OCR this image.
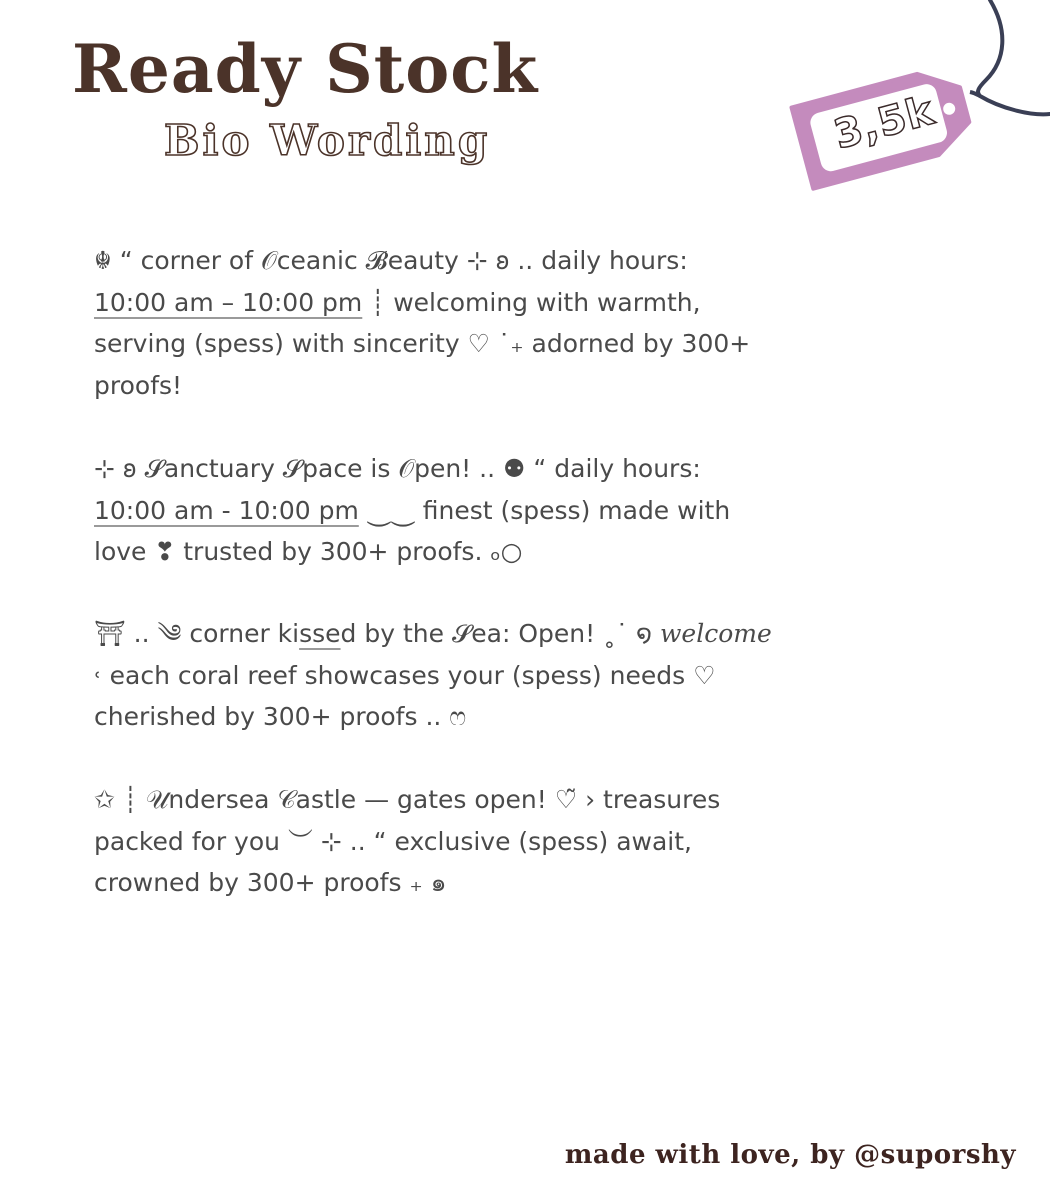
Ready Stock
Bio Wording	3,5k

☬ “ corner of 𝒪ceanic 𝓑eauty ⊹ 𐐪 .. daily hours:
10:00 am – 10:00 pm ┊ welcoming with warmth,
serving (spess) with sincerity ♡ ˙₊ adorned by 300+
proofs!

⊹ 𐐪 𝓢anctuary 𝓢pace is 𝒪pen! .. ⚉ “ daily hours:
10:00 am - 10:00 pm ⏝⏝ finest (spess) made with
love ❣ trusted by 300+ proofs. ₒ○

⛩ .. ༄ corner kissed by the 𝓢ea: Open! ˳˙ ໑ welcome
˓ each coral reef showcases your (spess) needs ♡
cherished by 300+ proofs .. ෆ

✩ ┊ 𝒰ndersea 𝒞astle — gates open! ♡̃ › treasures
packed for you ︶ ⊹ .. “ exclusive (spess) await,
crowned by 300+ proofs ₊ ๑

made with love, by @suporshy
